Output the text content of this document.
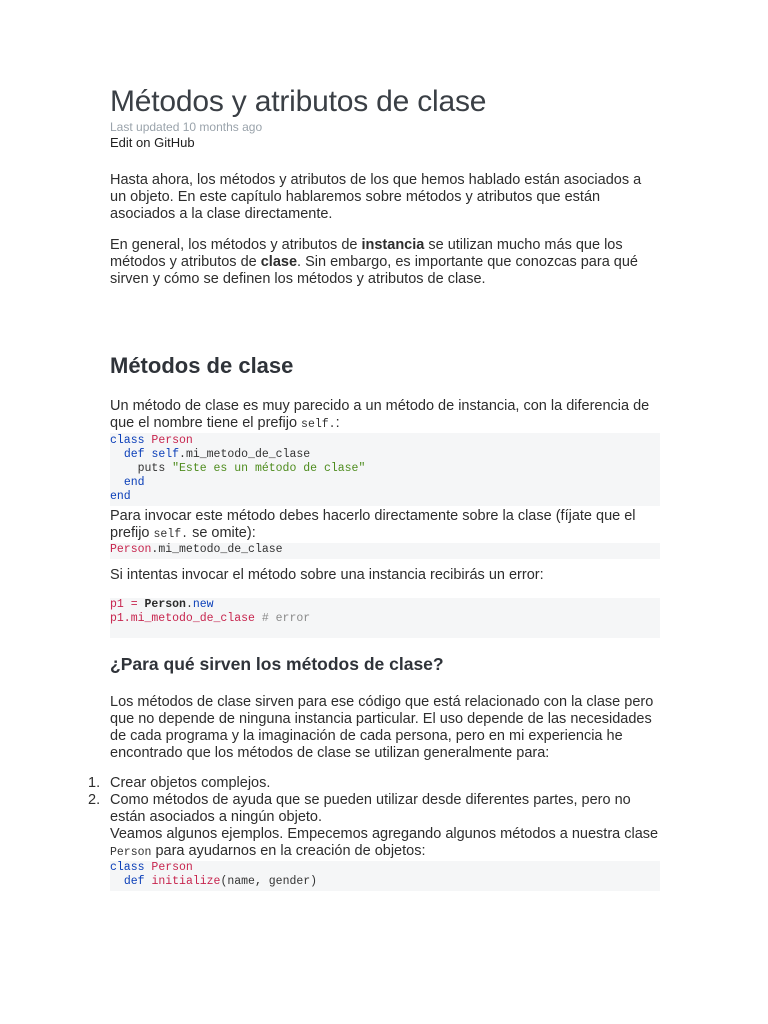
Métodos y atributos de clase
Last updated 10 months ago
Edit on GitHub

Hasta ahora, los métodos y atributos de los que hemos hablado están asociados a un objeto. En este capítulo hablaremos sobre métodos y atributos que están asociados a la clase directamente.

En general, los métodos y atributos de instancia se utilizan mucho más que los métodos y atributos de clase. Sin embargo, es importante que conozcas para qué sirven y cómo se definen los métodos y atributos de clase.

Métodos de clase

Un método de clase es muy parecido a un método de instancia, con la diferencia de que el nombre tiene el prefijo self.:

class Person
def self.mi_metodo_de_clase
puts "Este es un método de clase"
end
end

Para invocar este método debes hacerlo directamente sobre la clase (fíjate que el prefijo self. se omite):

Person.mi_metodo_de_clase

Si intentas invocar el método sobre una instancia recibirás un error:

p1 = Person.new
p1.mi_metodo_de_clase # error
¿Para qué sirven los métodos de clase?

Los métodos de clase sirven para ese código que está relacionado con la clase pero que no depende de ninguna instancia particular. El uso depende de las necesidades de cada programa y la imaginación de cada persona, pero en mi experiencia he encontrado que los métodos de clase se utilizan generalmente para:

1. Crear objetos complejos.
2. Como métodos de ayuda que se pueden utilizar desde diferentes partes, pero no están asociados a ningún objeto.
Veamos algunos ejemplos. Empecemos agregando algunos métodos a nuestra clase Person para ayudarnos en la creación de objetos:
class Person
def initialize(name, gender)
